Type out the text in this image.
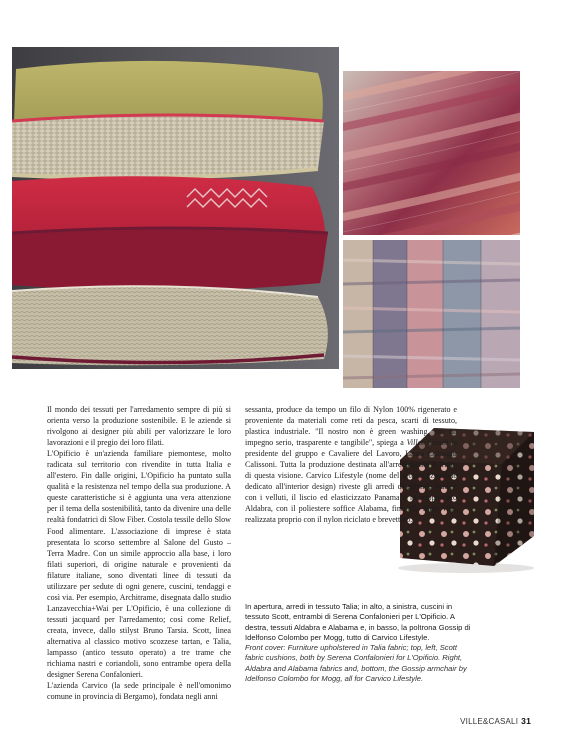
Il mondo dei tessuti per l'arredamento sempre di più si orienta verso la produzione sostenibile. E le aziende si rivolgono ai designer più abili per valorizzare le loro lavorazioni e il pregio dei loro filati.

L'Opificio è un'azienda familiare piemontese, molto radicata sul territorio con rivendite in tutta Italia e all'estero. Fin dalle origini, L'Opificio ha puntato sulla qualità e la resistenza nel tempo della sua produzione. A queste caratteristiche si è aggiunta una vera attenzione per il tema della sostenibilità, tanto da divenire una delle realtà fondatrici di Slow Fiber. Costola tessile dello Slow Food alimentare. L'associazione di imprese è stata presentata lo scorso settembre al Salone del Gusto – Terra Madre. Con un simile approccio alla base, i loro filati superiori, di origine naturale e provenienti da filature italiane, sono diventati linee di tessuti da utilizzare per sedute di ogni genere, cuscini, tendaggi e così via. Per esempio, Architrame, disegnata dallo studio Lanzavecchia+Wai per L'Opificio, è una collezione di tessuti jacquard per l'arredamento; così come Relief, creata, invece, dallo stilyst Bruno Tarsia. Scott, linea alternativa al classico motivo scozzese tartan, e Talia, lampasso (antico tessuto operato) a tre trame che richiama nastri e coriandoli, sono entrambe opera della designer Serena Confalonieri.

L'azienda Carvico (la sede principale è nell'omonimo comune in provincia di Bergamo), fondata negli anni

sessanta, produce da tempo un filo di Nylon 100% rigenerato e proveniente da materiali come reti da pesca, scarti di tessuto, plastica industriale. "Il nostro non è green washing, ma un impegno serio, trasparente e tangibile", spiega a Villeé-Casali la presidente del gruppo e Cavaliere del Lavoro, Laura Colnaghi Calissoni. Tutta la produzione destinata all'arredamento è frutto di questa visione. Carvico Lifestyle (nome del settore aziendale dedicato all'interior design) riveste gli arredi di aziende leader: con i velluti, il liscio ed elasticizzato Panama e lo stropicciato Aldabra, con il poliestere soffice Alabama, fino alla linea Vita, realizzata proprio con il nylon riciclato e brevettato.

In apertura, arredi in tessuto Talia; in alto, a sinistra, cuscini in tessuto Scott, entrambi di Serena Confalonieri per L'Opificio. A destra, tessuti Aldabra e Alabama e, in basso, la poltrona Gossip di Idelfonso Colombo per Mogg, tutto di Carvico Lifestyle.

Front cover: Furniture upholstered in Talia fabric; top, left, Scott fabric cushions, both by Serena Confalonieri for L'Opificio. Right, Aldabra and Alabama fabrics and, bottom, the Gossip armchair by Idelfonso Colombo for Mogg, all for Carvico Lifestyle.

VILLE&CASALI 31
